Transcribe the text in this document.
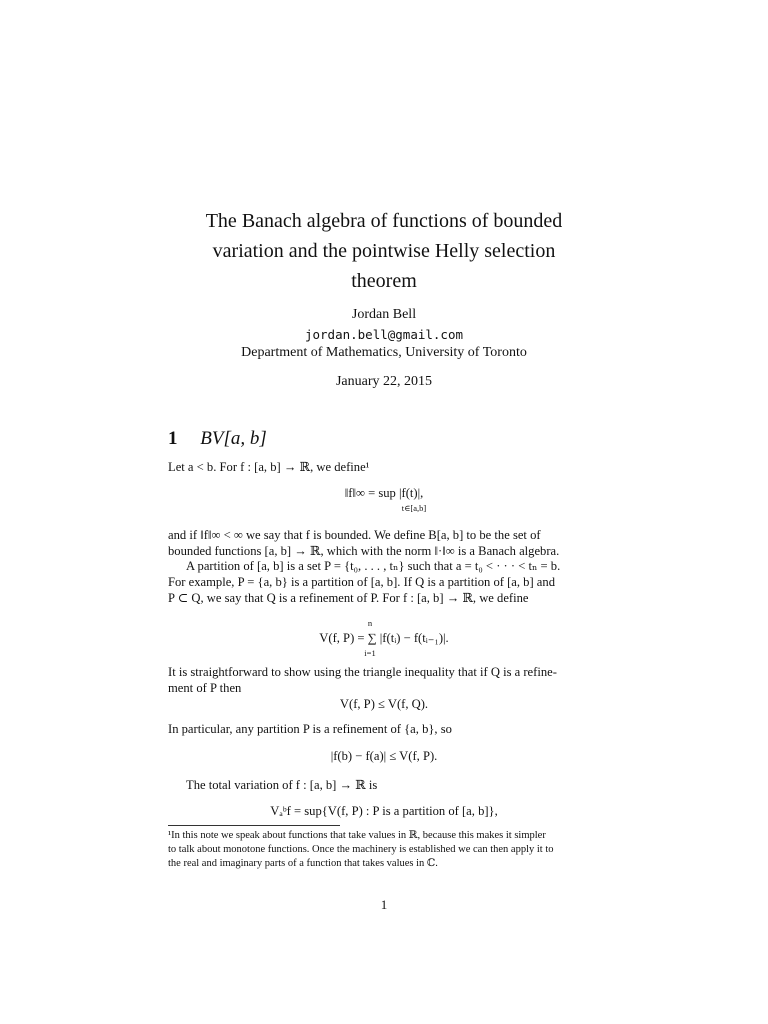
The Banach algebra of functions of bounded
variation and the pointwise Helly selection
theorem
Jordan Bell
jordan.bell@gmail.com
Department of Mathematics, University of Toronto
January 22, 2015
1 BV[a, b]
Let a < b. For f : [a, b] → ℝ, we define¹
‖f‖∞ = sup |f(t)|,
t∈[a,b]
and if ‖f‖∞ < ∞ we say that f is bounded. We define B[a, b] to be the set of
bounded functions [a, b] → ℝ, which with the norm ‖·‖∞ is a Banach algebra.
A partition of [a, b] is a set P = {t₀, . . . , tₙ} such that a = t₀ < · · · < tₙ = b.
For example, P = {a, b} is a partition of [a, b]. If Q is a partition of [a, b] and
P ⊂ Q, we say that Q is a refinement of P. For f : [a, b] → ℝ, we define
n
V(f, P) = ∑ |f(tᵢ) − f(tᵢ₋₁)|.
i=1
It is straightforward to show using the triangle inequality that if Q is a refine-
ment of P then
V(f, P) ≤ V(f, Q).
In particular, any partition P is a refinement of {a, b}, so
|f(b) − f(a)| ≤ V(f, P).
The total variation of f : [a, b] → ℝ is
Vₐᵇf = sup{V(f, P) : P is a partition of [a, b]},
¹In this note we speak about functions that take values in ℝ, because this makes it simpler
to talk about monotone functions. Once the machinery is established we can then apply it to
the real and imaginary parts of a function that takes values in ℂ.
1
